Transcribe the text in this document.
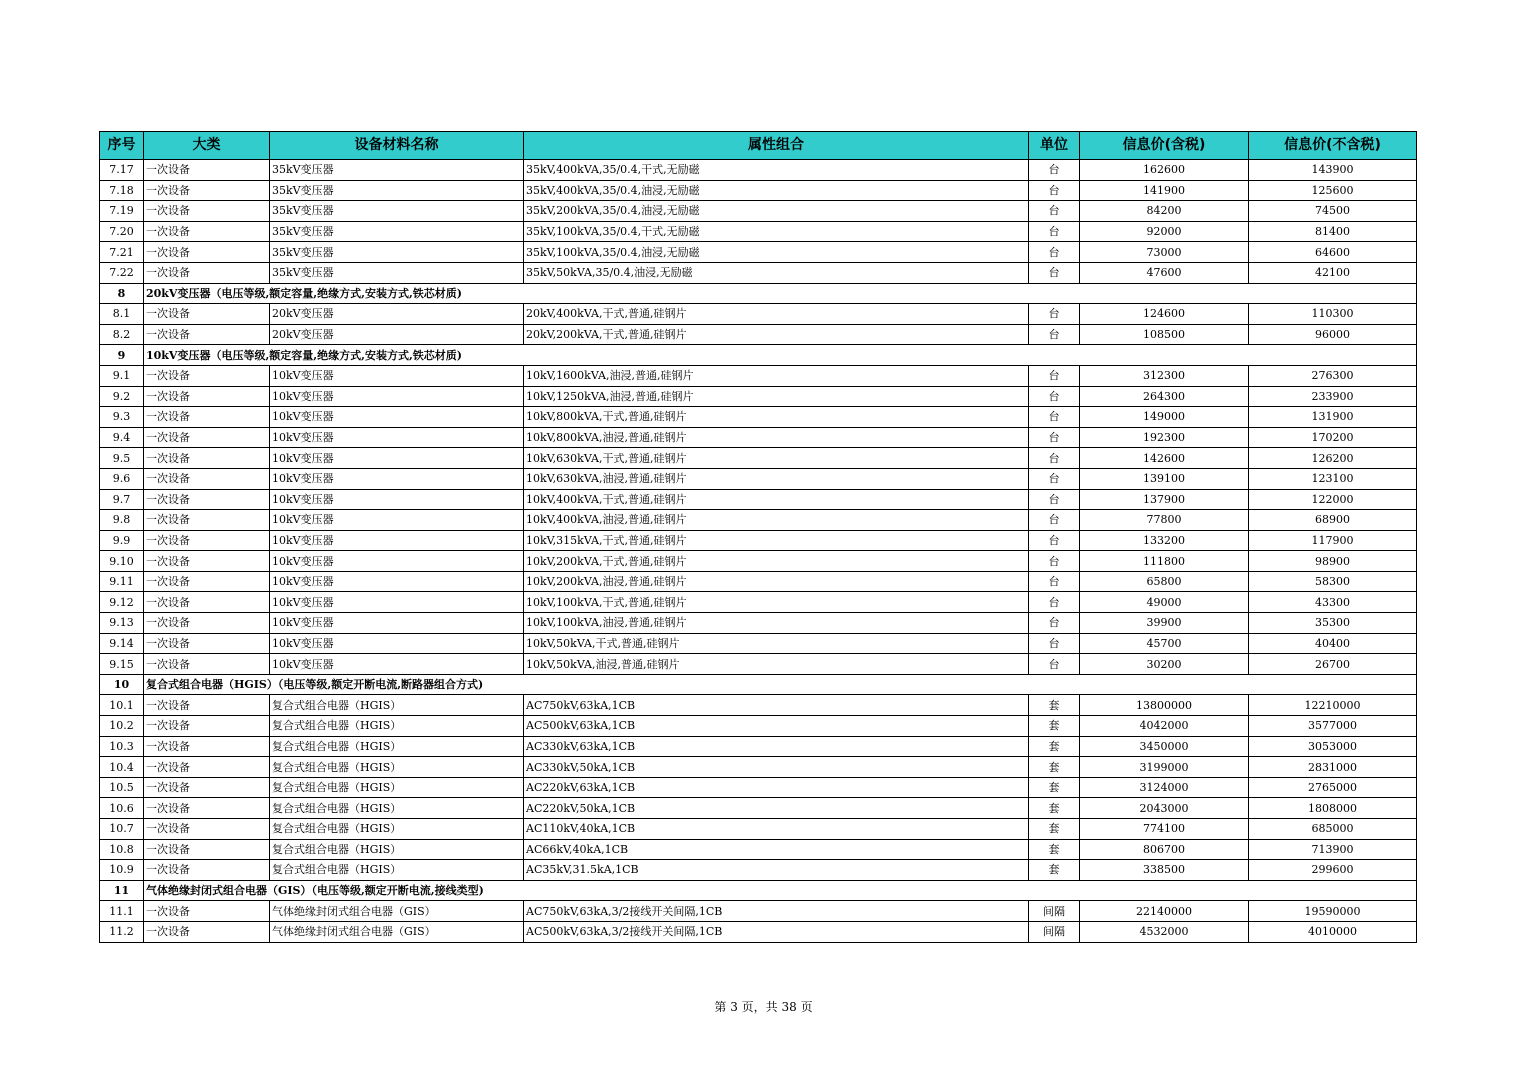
序号	大类	设备材料名称	属性组合	单位	信息价(含税)	信息价(不含税)
7.17	一次设备	35kV变压器	35kV,400kVA,35/0.4,干式,无励磁	台	162600	143900
7.18	一次设备	35kV变压器	35kV,400kVA,35/0.4,油浸,无励磁	台	141900	125600
7.19	一次设备	35kV变压器	35kV,200kVA,35/0.4,油浸,无励磁	台	84200	74500
7.20	一次设备	35kV变压器	35kV,100kVA,35/0.4,干式,无励磁	台	92000	81400
7.21	一次设备	35kV变压器	35kV,100kVA,35/0.4,油浸,无励磁	台	73000	64600
7.22	一次设备	35kV变压器	35kV,50kVA,35/0.4,油浸,无励磁	台	47600	42100
8	20kV变压器（电压等级,额定容量,绝缘方式,安装方式,铁芯材质)					
8.1	一次设备	20kV变压器	20kV,400kVA,干式,普通,硅钢片	台	124600	110300
8.2	一次设备	20kV变压器	20kV,200kVA,干式,普通,硅钢片	台	108500	96000
9	10kV变压器（电压等级,额定容量,绝缘方式,安装方式,铁芯材质)					
9.1	一次设备	10kV变压器	10kV,1600kVA,油浸,普通,硅钢片	台	312300	276300
9.2	一次设备	10kV变压器	10kV,1250kVA,油浸,普通,硅钢片	台	264300	233900
9.3	一次设备	10kV变压器	10kV,800kVA,干式,普通,硅钢片	台	149000	131900
9.4	一次设备	10kV变压器	10kV,800kVA,油浸,普通,硅钢片	台	192300	170200
9.5	一次设备	10kV变压器	10kV,630kVA,干式,普通,硅钢片	台	142600	126200
9.6	一次设备	10kV变压器	10kV,630kVA,油浸,普通,硅钢片	台	139100	123100
9.7	一次设备	10kV变压器	10kV,400kVA,干式,普通,硅钢片	台	137900	122000
9.8	一次设备	10kV变压器	10kV,400kVA,油浸,普通,硅钢片	台	77800	68900
9.9	一次设备	10kV变压器	10kV,315kVA,干式,普通,硅钢片	台	133200	117900
9.10	一次设备	10kV变压器	10kV,200kVA,干式,普通,硅钢片	台	111800	98900
9.11	一次设备	10kV变压器	10kV,200kVA,油浸,普通,硅钢片	台	65800	58300
9.12	一次设备	10kV变压器	10kV,100kVA,干式,普通,硅钢片	台	49000	43300
9.13	一次设备	10kV变压器	10kV,100kVA,油浸,普通,硅钢片	台	39900	35300
9.14	一次设备	10kV变压器	10kV,50kVA,干式,普通,硅钢片	台	45700	40400
9.15	一次设备	10kV变压器	10kV,50kVA,油浸,普通,硅钢片	台	30200	26700
10	复合式组合电器（HGIS）（电压等级,额定开断电流,断路器组合方式)					
10.1	一次设备	复合式组合电器（HGIS）	AC750kV,63kA,1CB	套	13800000	12210000
10.2	一次设备	复合式组合电器（HGIS）	AC500kV,63kA,1CB	套	4042000	3577000
10.3	一次设备	复合式组合电器（HGIS）	AC330kV,63kA,1CB	套	3450000	3053000
10.4	一次设备	复合式组合电器（HGIS）	AC330kV,50kA,1CB	套	3199000	2831000
10.5	一次设备	复合式组合电器（HGIS）	AC220kV,63kA,1CB	套	3124000	2765000
10.6	一次设备	复合式组合电器（HGIS）	AC220kV,50kA,1CB	套	2043000	1808000
10.7	一次设备	复合式组合电器（HGIS）	AC110kV,40kA,1CB	套	774100	685000
10.8	一次设备	复合式组合电器（HGIS）	AC66kV,40kA,1CB	套	806700	713900
10.9	一次设备	复合式组合电器（HGIS）	AC35kV,31.5kA,1CB	套	338500	299600
11	气体绝缘封闭式组合电器（GIS）（电压等级,额定开断电流,接线类型)					
11.1	一次设备	气体绝缘封闭式组合电器（GIS）	AC750kV,63kA,3/2接线开关间隔,1CB	间隔	22140000	19590000
11.2	一次设备	气体绝缘封闭式组合电器（GIS）	AC500kV,63kA,3/2接线开关间隔,1CB	间隔	4532000	4010000
第 3 页，共 38 页
